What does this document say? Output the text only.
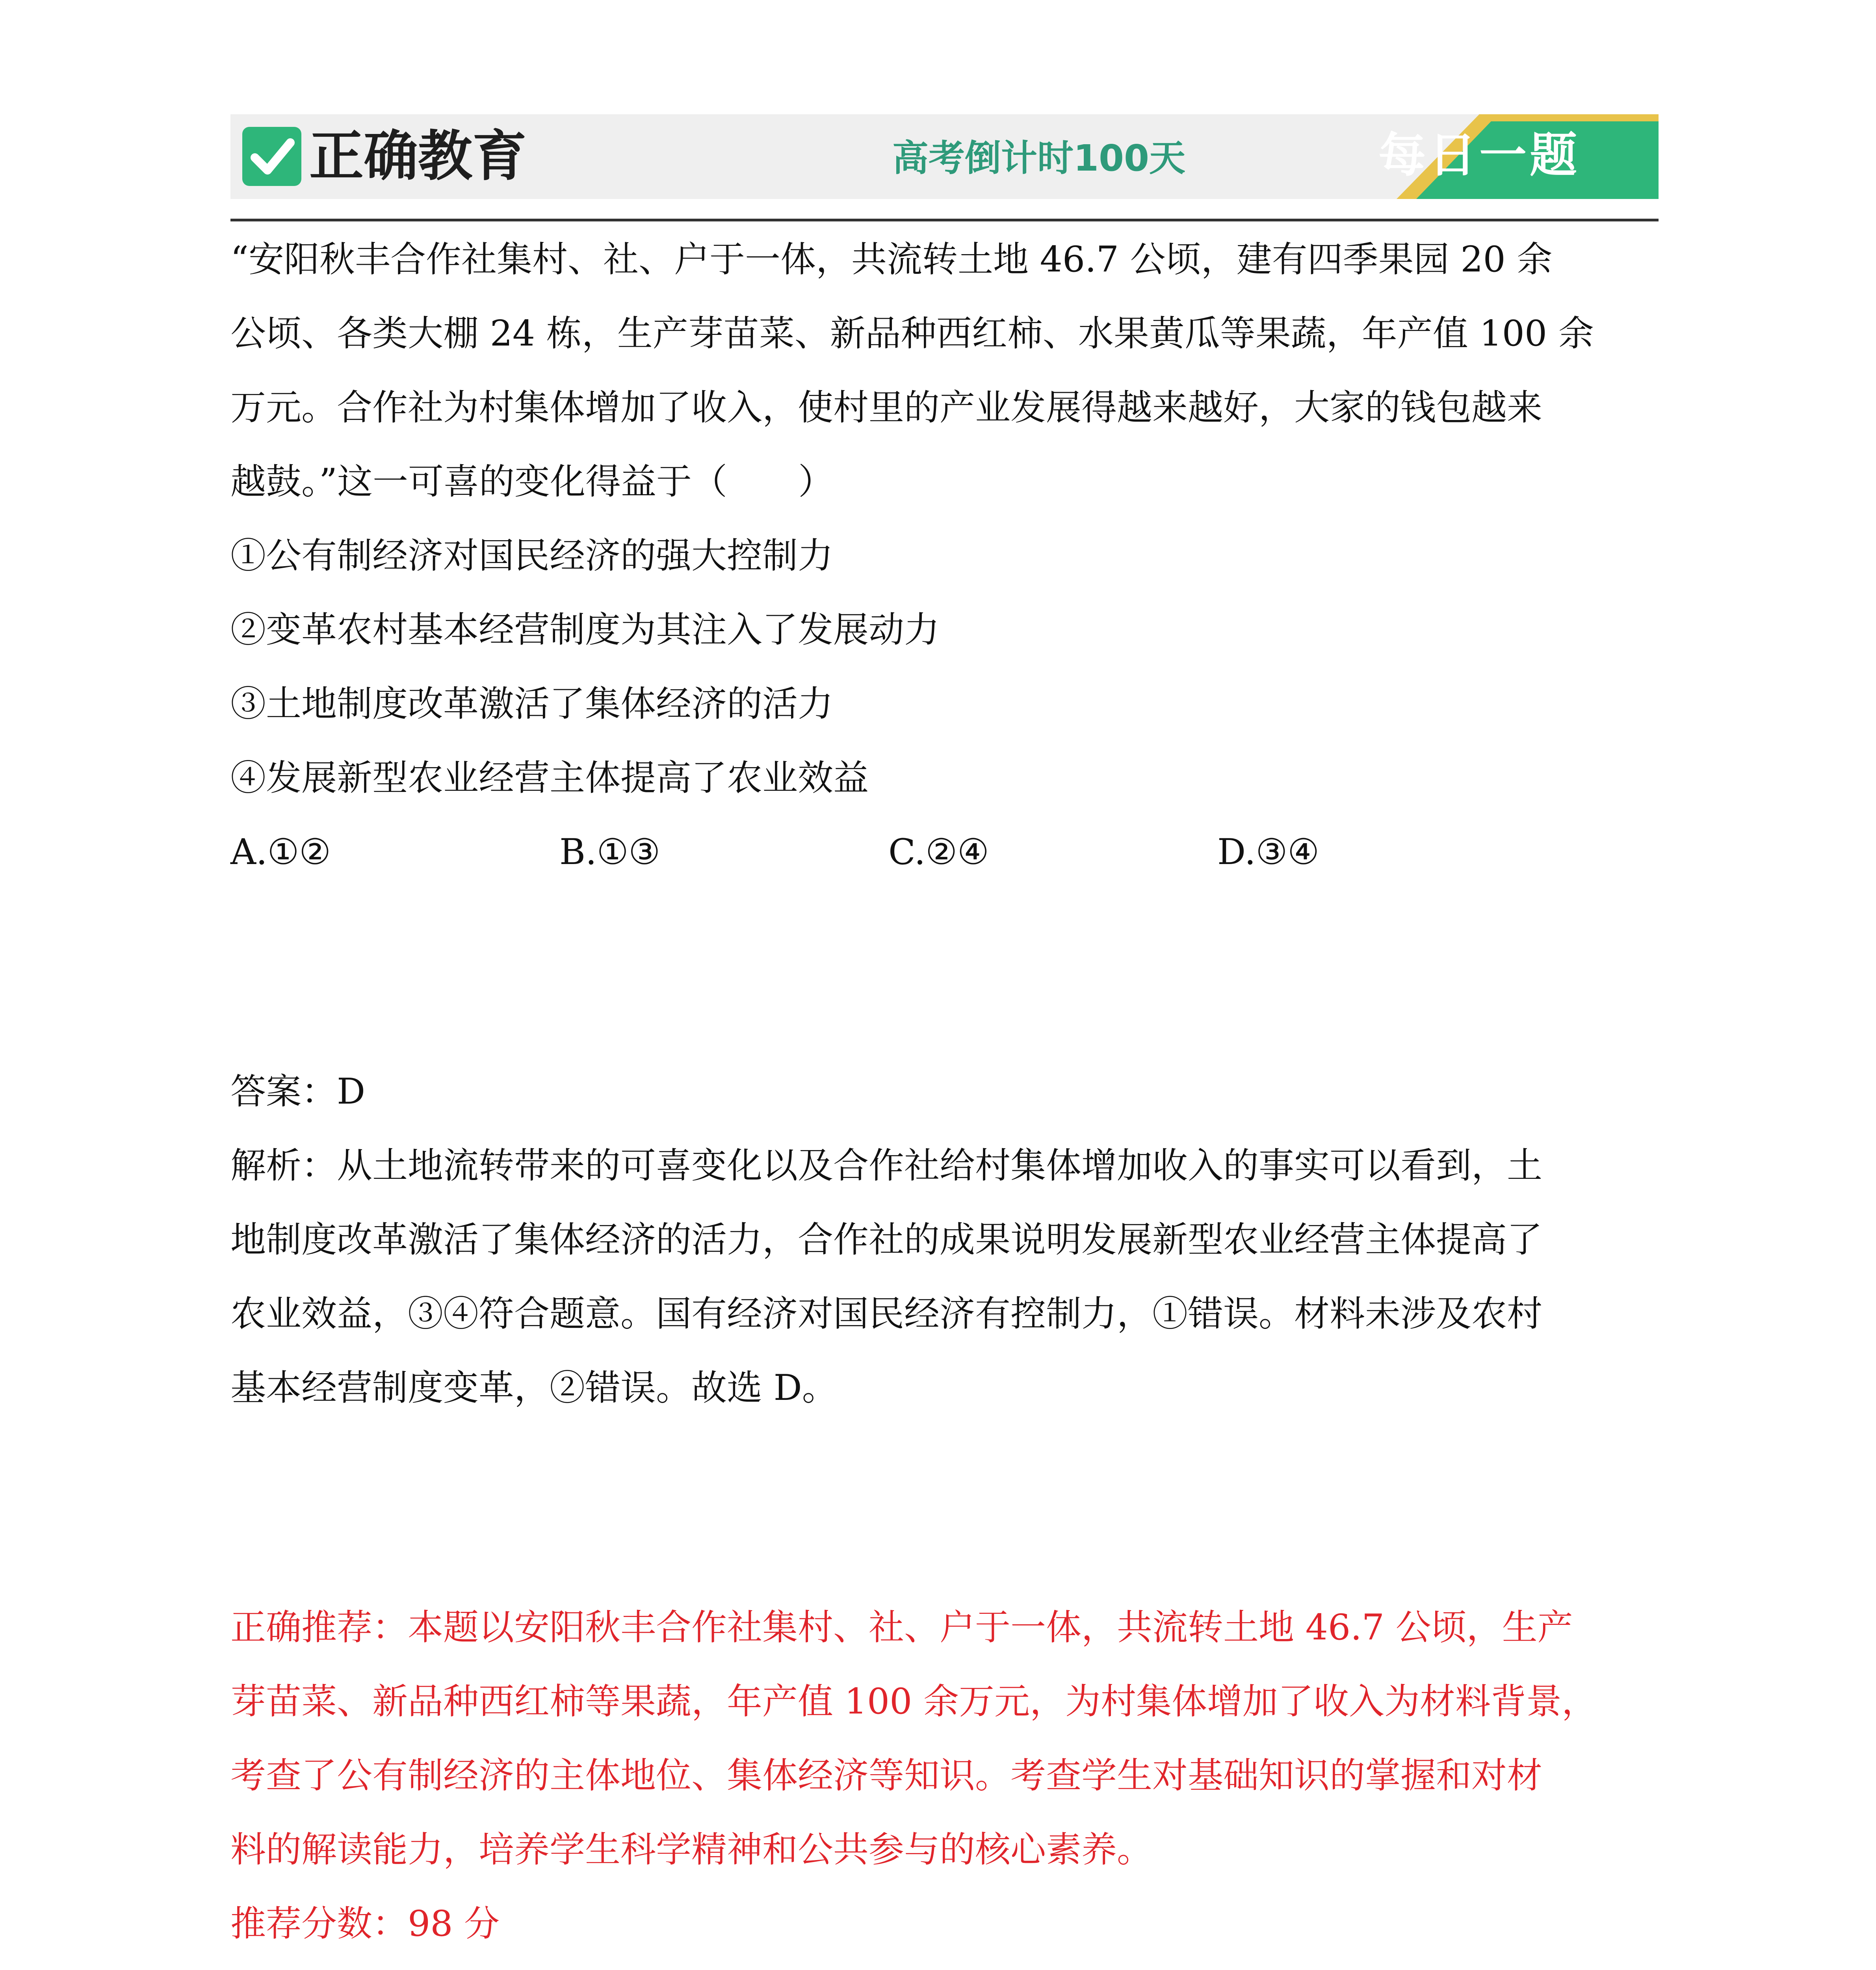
正确教育	高考倒计时100天	每日一题

“安阳秋丰合作社集村、社、户于一体，共流转土地 46.7 公顷，建有四季果园 20 余

公顷、各类大棚 24 栋，生产芽苗菜、新品种西红柿、水果黄瓜等果蔬，年产值 100 余

万元。合作社为村集体增加了收入，使村里的产业发展得越来越好，大家的钱包越来

越鼓。”这一可喜的变化得益于（　　）

①公有制经济对国民经济的强大控制力

②变革农村基本经营制度为其注入了发展动力

③土地制度改革激活了集体经济的活力

④发展新型农业经营主体提高了农业效益

A.①②	B.①③	C.②④	D.③④

答案：D

解析：从土地流转带来的可喜变化以及合作社给村集体增加收入的事实可以看到，土

地制度改革激活了集体经济的活力，合作社的成果说明发展新型农业经营主体提高了

农业效益，③④符合题意。国有经济对国民经济有控制力，①错误。材料未涉及农村

基本经营制度变革，②错误。故选 D。

正确推荐：本题以安阳秋丰合作社集村、社、户于一体，共流转土地 46.7 公顷，生产

芽苗菜、新品种西红柿等果蔬，年产值 100 余万元，为村集体增加了收入为材料背景，

考查了公有制经济的主体地位、集体经济等知识。考查学生对基础知识的掌握和对材

料的解读能力，培养学生科学精神和公共参与的核心素养。

推荐分数：98 分
